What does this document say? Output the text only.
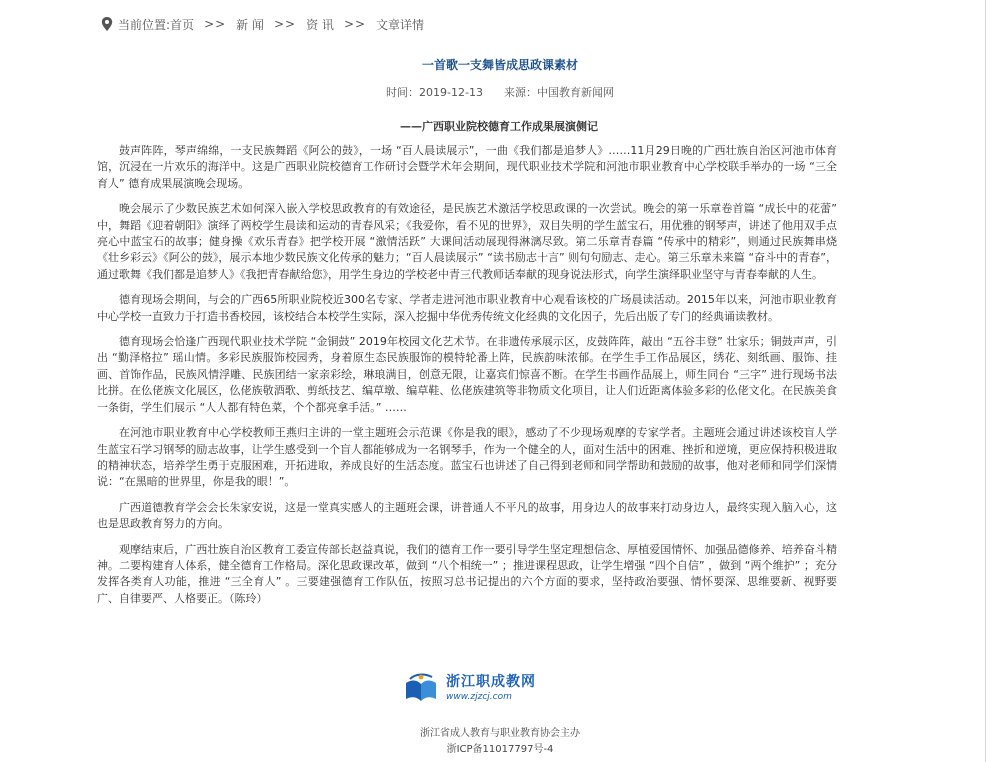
当前位置: 首页 >> 新 闻 >> 资 讯 >> 文章详情
一首歌一支舞皆成思政课素材
时间：2019-12-13 来源：中国教育新闻网
——广西职业院校德育工作成果展演侧记

鼓声阵阵，琴声绵绵，一支民族舞蹈《阿公的鼓》，一场 “百人晨读展示”，一曲《我们都是追梦人》……11月29日晚的广西壮族自治区河池市体育馆，沉浸在一片欢乐的海洋中。这是广西职业院校德育工作研讨会暨学术年会期间，现代职业技术学院和河池市职业教育中心学校联手举办的一场 “三全育人” 德育成果展演晚会现场。

晚会展示了少数民族艺术如何深入嵌入学校思政教育的有效途径，是民族艺术激活学校思政课的一次尝试。晚会的第一乐章卷首篇 “成长中的花蕾” 中，舞蹈《迎着朝阳》演绎了两校学生晨读和运动的青春风采；《我爱你，看不见的世界》，双目失明的学生蓝宝石，用优雅的钢琴声，讲述了他用双手点亮心中蓝宝石的故事；健身操《欢乐青春》把学校开展 “激情活跃” 大课间活动展现得淋漓尽致。第二乐章青春篇 “传承中的精彩”，则通过民族舞串烧《壮乡彩云》《阿公的鼓》，展示本地少数民族文化传承的魅力；“百人晨读展示” “读书励志十言” 则句句励志、走心。第三乐章未来篇 “奋斗中的青春”，通过歌舞《我们都是追梦人》《我把青春献给您》，用学生身边的学校老中青三代教师话奉献的现身说法形式，向学生演绎职业坚守与青春奉献的人生。

德育现场会期间，与会的广西65所职业院校近300名专家、学者走进河池市职业教育中心观看该校的广场晨读活动。2015年以来，河池市职业教育中心学校一直致力于打造书香校园，该校结合本校学生实际，深入挖掘中华优秀传统文化经典的文化因子，先后出版了专门的经典诵读教材。

德育现场会恰逢广西现代职业技术学院 “金铜鼓” 2019年校园文化艺术节。在非遗传承展示区，皮鼓阵阵，敲出 “五谷丰登” 壮家乐；铜鼓声声，引出 “勤泽格拉” 瑶山情。多彩民族服饰校园秀，身着原生态民族服饰的模特轮番上阵，民族韵味浓郁。在学生手工作品展区，绣花、刻纸画、服饰、挂画、首饰作品，民族风情浮雕、民族团结一家亲彩绘，琳琅满目，创意无限，让嘉宾们惊喜不断。在学生书画作品展上，师生同台 “三字” 进行现场书法比拼。在仫佬族文化展区，仫佬族敬酒歌、剪纸技艺、编草墩、编草鞋、仫佬族建筑等非物质文化项目，让人们近距离体验多彩的仫佬文化。在民族美食一条街，学生们展示 “人人都有特色菜，个个都亮拿手活。” ……

在河池市职业教育中心学校教师王燕归主讲的一堂主题班会示范课《你是我的眼》，感动了不少现场观摩的专家学者。主题班会通过讲述该校盲人学生蓝宝石学习钢琴的励志故事，让学生感受到一个盲人都能够成为一名钢琴手，作为一个健全的人，面对生活中的困难、挫折和逆境，更应保持积极进取的精神状态，培养学生勇于克服困难，开拓进取，养成良好的生活态度。蓝宝石也讲述了自己得到老师和同学帮助和鼓励的故事，他对老师和同学们深情说：“在黑暗的世界里，你是我的眼！”。

广西道德教育学会会长朱家安说，这是一堂真实感人的主题班会课，讲普通人不平凡的故事，用身边人的故事来打动身边人，最终实现入脑入心，这也是思政教育努力的方向。

观摩结束后，广西壮族自治区教育工委宣传部长赵益真说，我们的德育工作一要引导学生坚定理想信念、厚植爱国情怀、加强品德修养、培养奋斗精神。二要构建育人体系，健全德育工作格局。深化思政课改革，做到 “八个相统一” ；推进课程思政，让学生增强 “四个自信” ，做到 “两个维护” ；充分发挥各类育人功能，推进 “三全育人” 。三要建强德育工作队伍，按照习总书记提出的六个方面的要求，坚持政治要强、情怀要深、思维要新、视野要广、自律要严、人格要正。（陈玲）

浙江职成教网
www.zjzcj.com
浙江省成人教育与职业教育协会主办
浙ICP备11017797号-4
